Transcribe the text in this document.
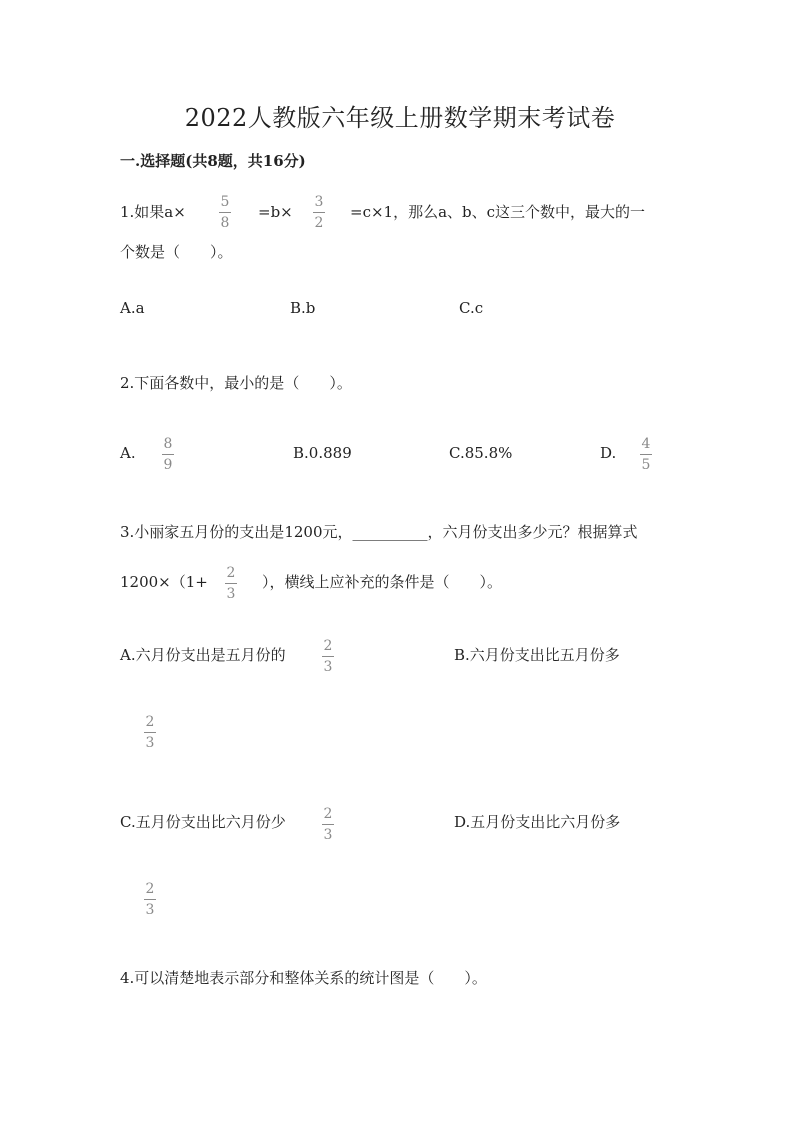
2022人教版六年级上册数学期末考试卷
一.选择题(共8题，共16分)
1.如果a×
5
8
=b×
3
2
=c×1，那么a、b、c这三个数中，最大的一
个数是（　　）。
A.a	B.b	C.c
2.下面各数中，最小的是（　　）。
A. 8
9
B.0.889	C.85.8%	D. 4
5
3.小丽家五月份的支出是1200元，__________，六月份支出多少元？根据算式
1200×（1+ 2
3
），横线上应补充的条件是（　　）。
A.六月份支出是五月份的	2
3
B.六月份支出比五月份多
2
3
C.五月份支出比六月份少	2
3
D.五月份支出比六月份多
2
3
4.可以清楚地表示部分和整体关系的统计图是（　　）。
